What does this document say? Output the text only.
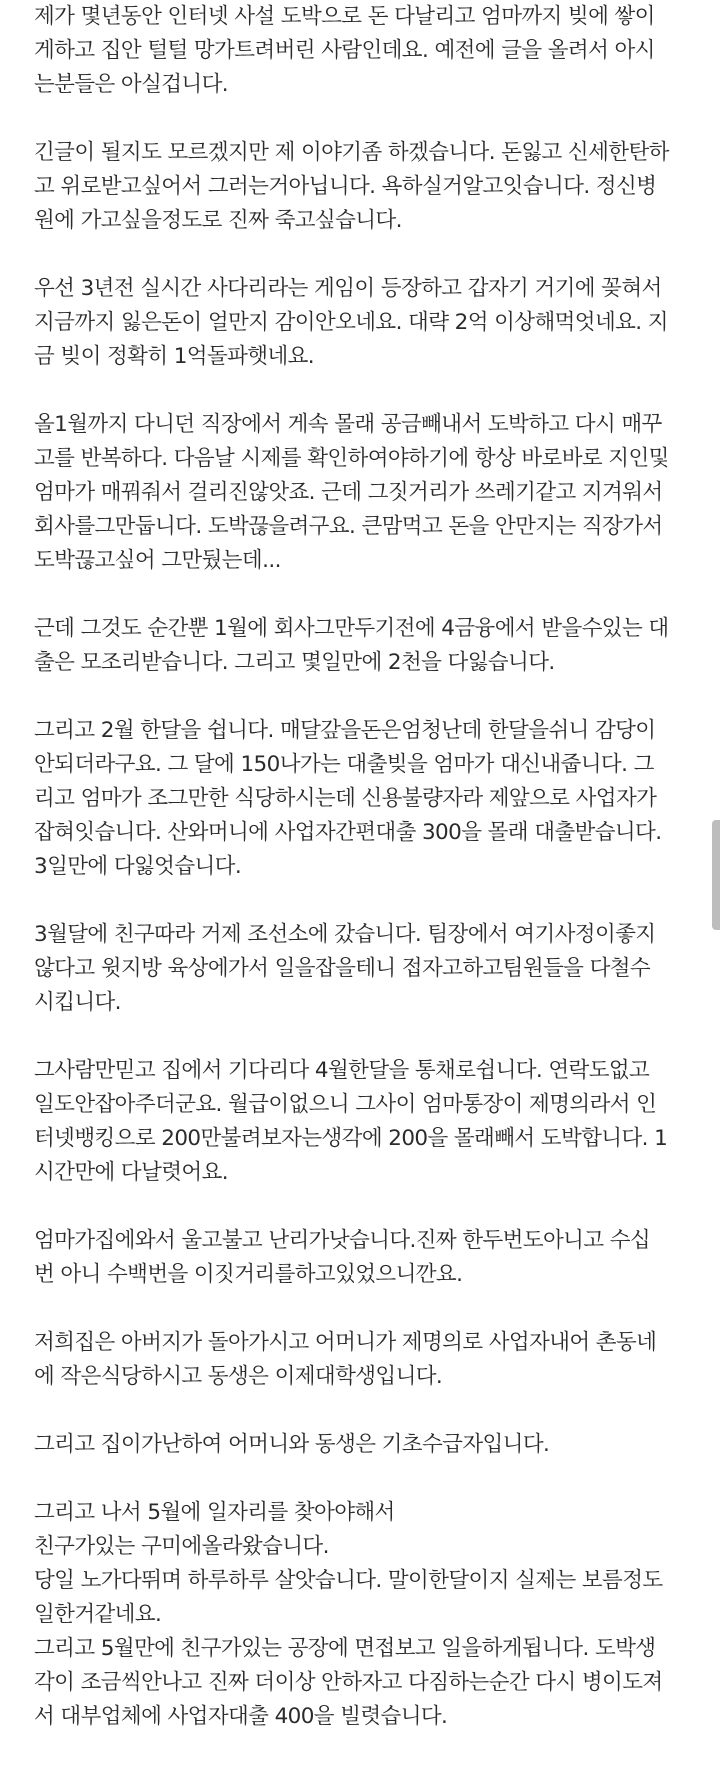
제가 몇년동안 인터넷 사설 도박으로 돈 다날리고 엄마까지 빚에 쌓이
게하고 집안 털털 망가트려버린 사람인데요. 예전에 글을 올려서 아시
는분들은 아실겁니다.
긴글이 될지도 모르겠지만 제 이야기좀 하겠습니다. 돈잃고 신세한탄하
고 위로받고싶어서 그러는거아닙니다. 욕하실거알고잇습니다. 정신병
원에 가고싶을정도로 진짜 죽고싶습니다.
우선 3년전 실시간 사다리라는 게임이 등장하고 갑자기 거기에 꽂혀서
지금까지 잃은돈이 얼만지 감이안오네요. 대략 2억 이상해먹엇네요. 지
금 빚이 정확히 1억돌파햇네요.
올1월까지 다니던 직장에서 게속 몰래 공금빼내서 도박하고 다시 매꾸
고를 반복하다. 다음날 시제를 확인하여야하기에 항상 바로바로 지인및
엄마가 매꿔줘서 걸리진않앗죠. 근데 그짓거리가 쓰레기같고 지겨워서
회사를그만둡니다. 도박끊을려구요. 큰맘먹고 돈을 안만지는 직장가서
도박끊고싶어 그만뒀는데...
근데 그것도 순간뿐 1월에 회사그만두기전에 4금융에서 받을수있는 대
출은 모조리받습니다. 그리고 몇일만에 2천을 다잃습니다.
그리고 2월 한달을 쉽니다. 매달갚을돈은엄청난데 한달을쉬니 감당이
안되더라구요. 그 달에 150나가는 대출빚을 엄마가 대신내줍니다. 그
리고 엄마가 조그만한 식당하시는데 신용불량자라 제앞으로 사업자가
잡혀잇습니다. 산와머니에 사업자간편대출 300을 몰래 대출받습니다.
3일만에 다잃엇습니다.
3월달에 친구따라 거제 조선소에 갔습니다. 팀장에서 여기사정이좋지
않다고 윗지방 육상에가서 일을잡을테니 접자고하고팀원들을 다철수
시킵니다.
그사람만믿고 집에서 기다리다 4월한달을 통채로쉽니다. 연락도없고
일도안잡아주더군요. 월급이없으니 그사이 엄마통장이 제명의라서 인
터넷뱅킹으로 200만불려보자는생각에 200을 몰래빼서 도박합니다. 1
시간만에 다날렷어요.
엄마가집에와서 울고불고 난리가낫습니다.진짜 한두번도아니고 수십
번 아니 수백번을 이짓거리를하고있었으니깐요.
저희집은 아버지가 돌아가시고 어머니가 제명의로 사업자내어 촌동네
에 작은식당하시고 동생은 이제대학생입니다.
그리고 집이가난하여 어머니와 동생은 기초수급자입니다.
그리고 나서 5월에 일자리를 찾아야해서
친구가있는 구미에올라왔습니다.
당일 노가다뛰며 하루하루 살앗습니다. 말이한달이지 실제는 보름정도
일한거같네요.
그리고 5월만에 친구가있는 공장에 면접보고 일을하게됩니다. 도박생
각이 조금씩안나고 진짜 더이상 안하자고 다짐하는순간 다시 병이도져
서 대부업체에 사업자대출 400을 빌렷습니다.
